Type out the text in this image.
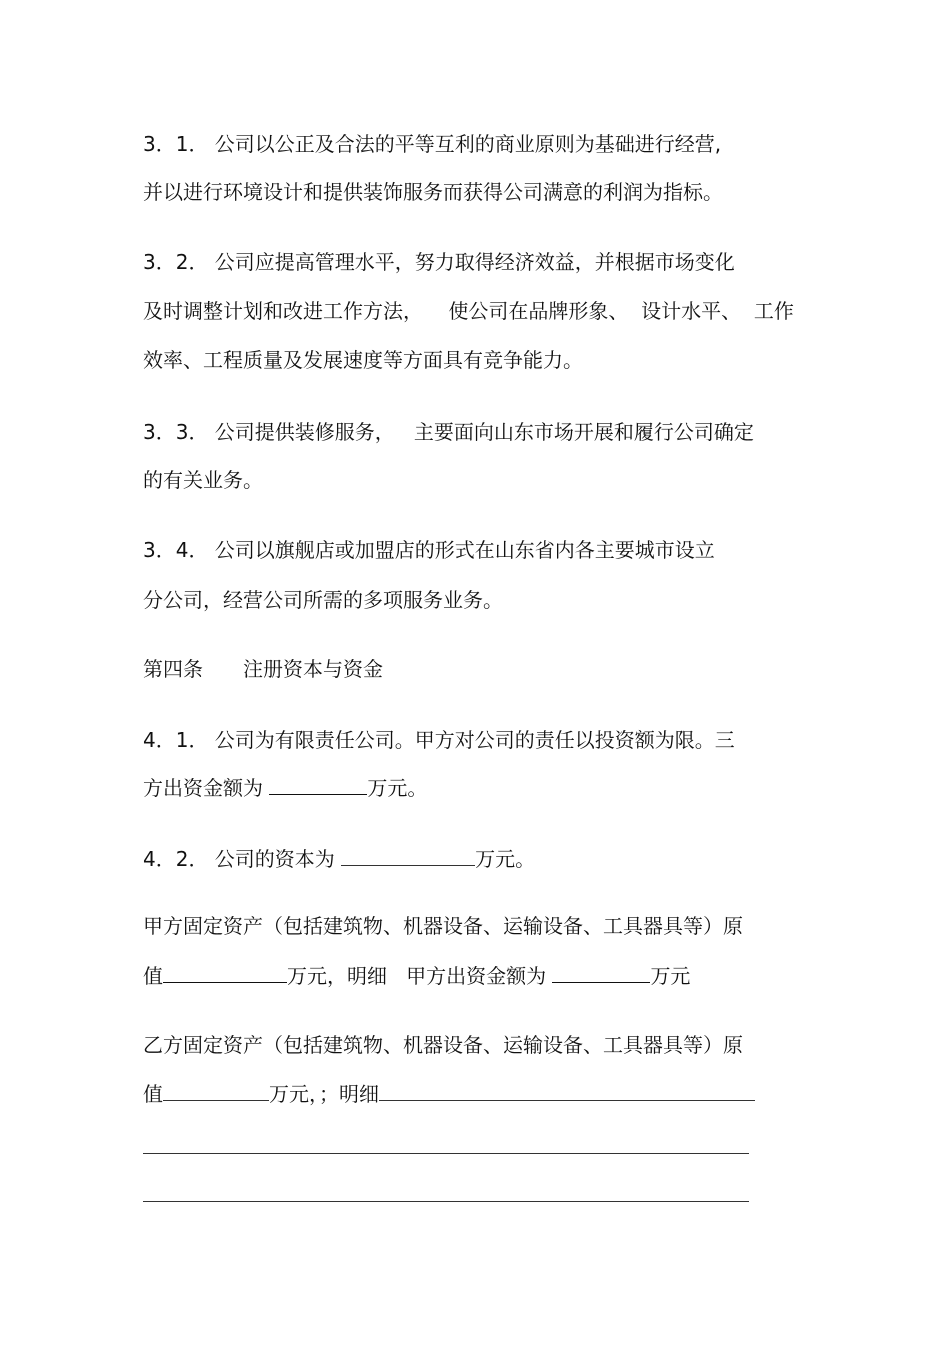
3．1． 公司以公正及合法的平等互利的商业原则为基础进行经营,
并以进行环境设计和提供装饰服务而获得公司满意的利润为指标。
3．2． 公司应提高管理水平，努力取得经济效益，并根据市场变化
及时调整计划和改进工作方法，    使公司在品牌形象、  设计水平、  工作
效率、工程质量及发展速度等方面具有竞争能力。
3．3． 公司提供装修服务，   主要面向山东市场开展和履行公司确定
的有关业务。
3．4． 公司以旗舰店或加盟店的形式在山东省内各主要城市设立
分公司，经营公司所需的多项服务业务。
第四条 注册资本与资金
4．1． 公司为有限责任公司。甲方对公司的责任以投资额为限。三
方出资金额为	万元。
4．2． 公司的资本为	万元。
甲方固定资产（包括建筑物、机器设备、运输设备、工具器具等）原
值	万元，明细   甲方出资金额为	万元
乙方固定资产（包括建筑物、机器设备、运输设备、工具器具等）原
值	万元，；明细
